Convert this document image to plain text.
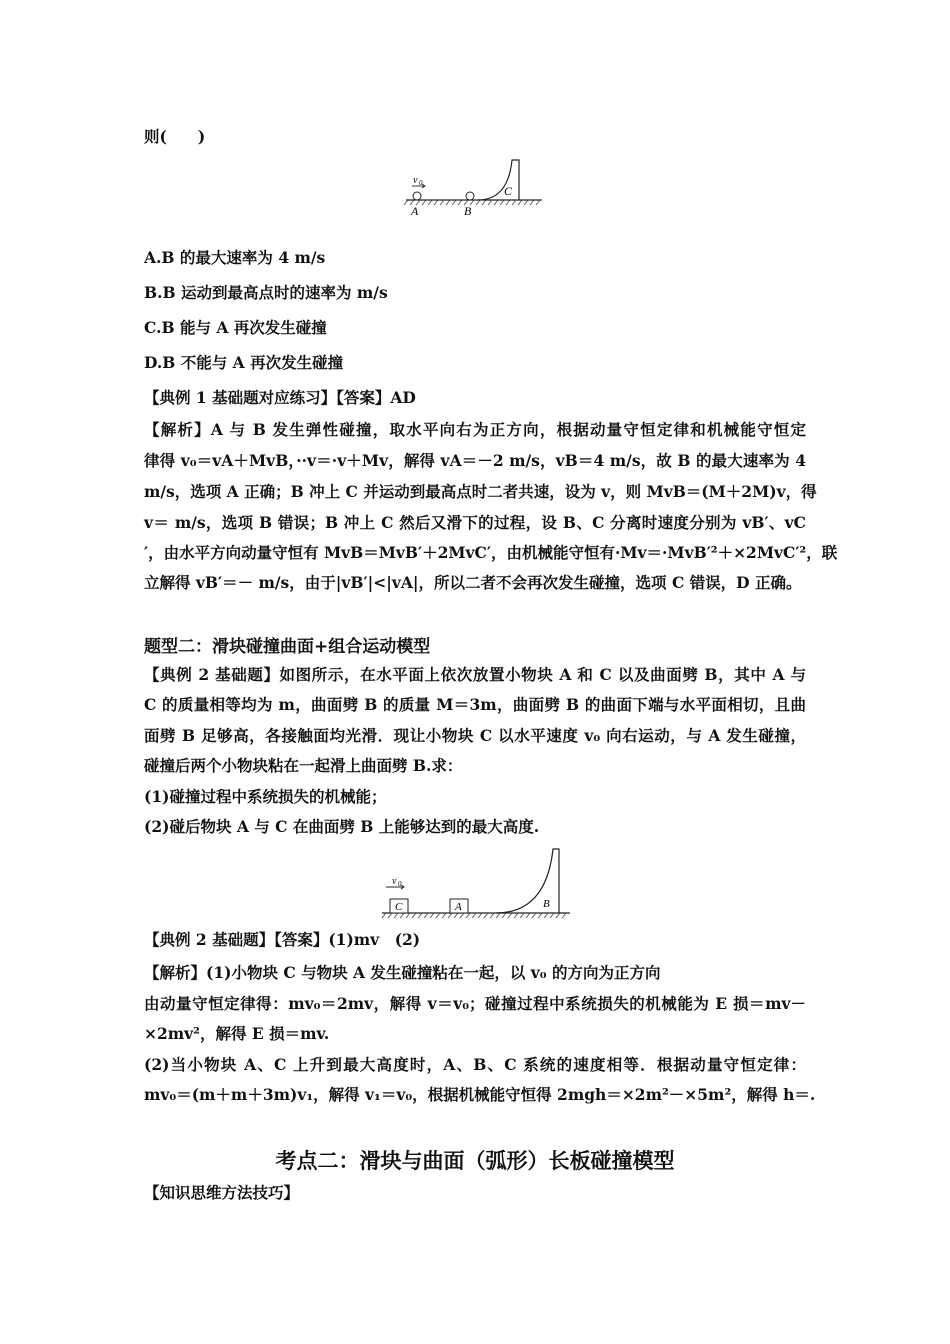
则(　　)
v 0
A	B
C
A.B 的最大速率为 4 m/s
B.B 运动到最高点时的速率为 m/s
C.B 能与 A 再次发生碰撞
D.B 不能与 A 再次发生碰撞
【典例 1 基础题对应练习】【答案】AD
【解析】A 与 B 发生弹性碰撞，取水平向右为正方向，根据动量守恒定律和机械能守恒定
律得 v₀＝vA＋MvB，··v＝·v＋Mv，解得 vA＝－2 m/s，vB＝4 m/s，故 B 的最大速率为 4
m/s，选项 A 正确；B 冲上 C 并运动到最高点时二者共速，设为 v，则 MvB＝(M＋2M)v，得
v＝ m/s，选项 B 错误；B 冲上 C 然后又滑下的过程，设 B、C 分离时速度分别为 vB′、vC
′，由水平方向动量守恒有 MvB＝MvB′＋2MvC′，由机械能守恒有·Mv＝·MvB′²＋×2MvC′²，联
立解得 vB′＝－ m/s，由于|vB′|<|vA|，所以二者不会再次发生碰撞，选项 C 错误，D 正确。
题型二：滑块碰撞曲面+组合运动模型
【典例 2 基础题】如图所示，在水平面上依次放置小物块 A 和 C 以及曲面劈 B，其中 A 与
C 的质量相等均为 m，曲面劈 B 的质量 M＝3m，曲面劈 B 的曲面下端与水平面相切，且曲
面劈 B 足够高，各接触面均光滑．现让小物块 C 以水平速度 v₀ 向右运动，与 A 发生碰撞，
碰撞后两个小物块粘在一起滑上曲面劈 B.求：
(1)碰撞过程中系统损失的机械能；
(2)碰后物块 A 与 C 在曲面劈 B 上能够达到的最大高度.
v 0
C	A	B
【典例 2 基础题】【答案】(1)mv　(2)
【解析】(1)小物块 C 与物块 A 发生碰撞粘在一起，以 v₀ 的方向为正方向
由动量守恒定律得：mv₀＝2mv，解得 v＝v₀；碰撞过程中系统损失的机械能为 E 损＝mv－
×2mv²，解得 E 损＝mv.
(2)当小物块 A、C 上升到最大高度时，A、B、C 系统的速度相等．根据动量守恒定律：
mv₀＝(m＋m＋3m)v₁，解得 v₁＝v₀，根据机械能守恒得 2mgh＝×2m²－×5m²，解得 h＝.
考点二：滑块与曲面（弧形）长板碰撞模型
【知识思维方法技巧】
